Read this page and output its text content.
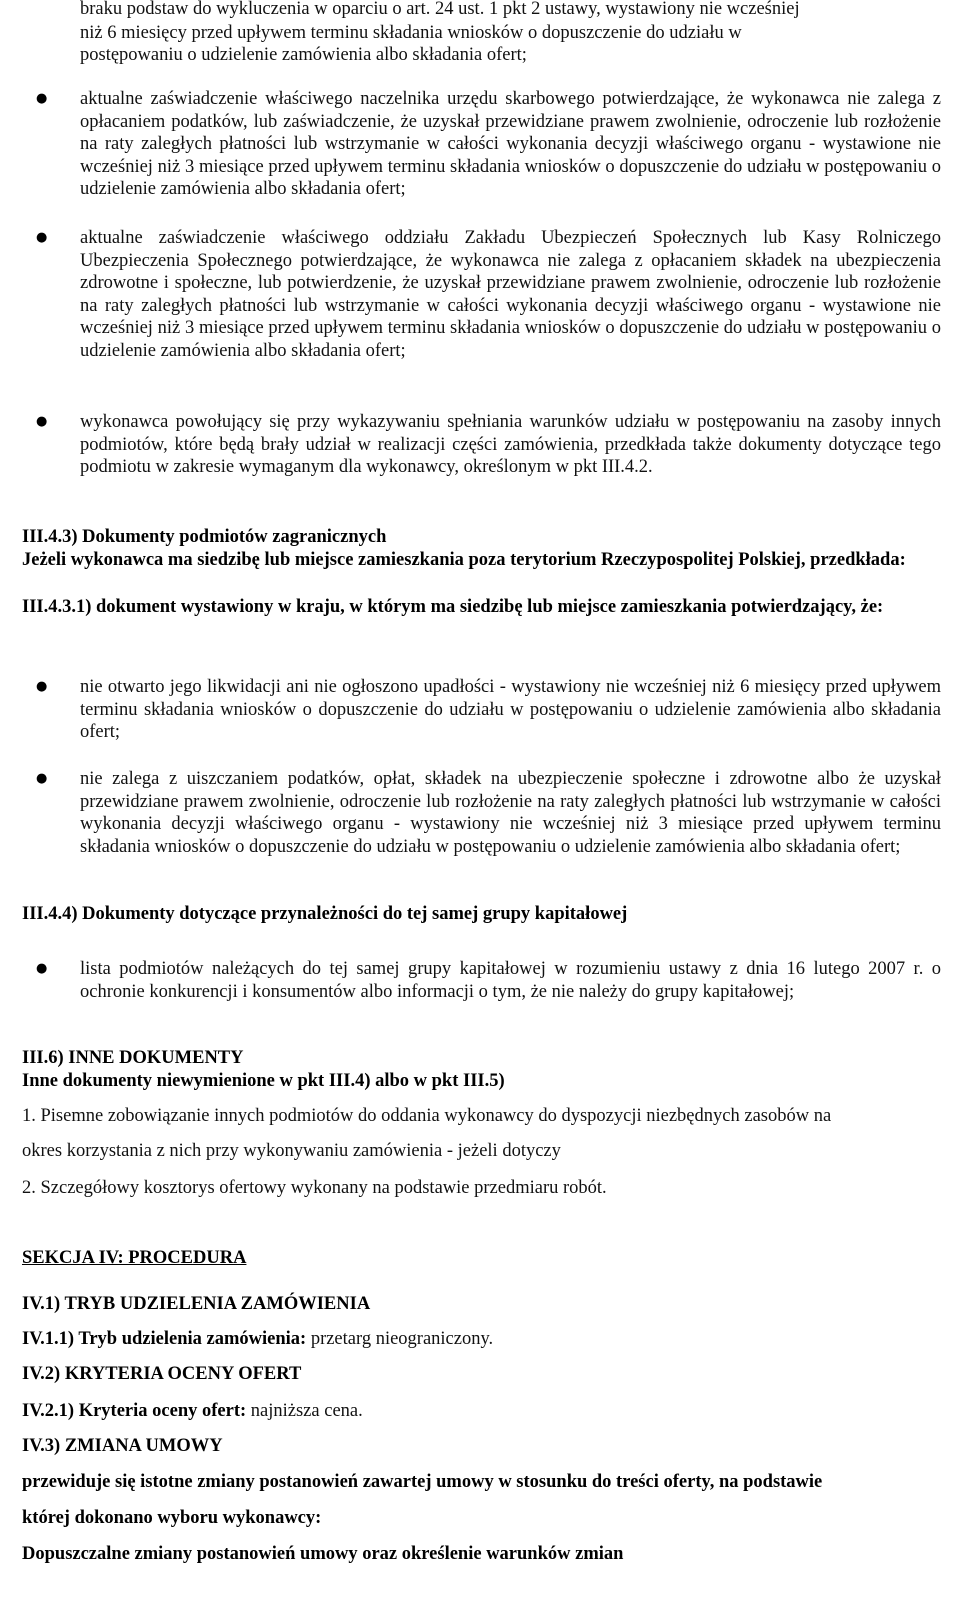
braku podstaw do wykluczenia w oparciu o art. 24 ust. 1 pkt 2 ustawy, wystawiony nie wcześniej

niż 6 miesięcy przed upływem terminu składania wniosków o dopuszczenie do udziału w

postępowaniu o udzielenie zamówienia albo składania ofert;

● aktualne zaświadczenie właściwego naczelnika urzędu skarbowego potwierdzające, że wykonawca nie zalega z opłacaniem podatków, lub zaświadczenie, że uzyskał przewidziane prawem zwolnienie, odroczenie lub rozłożenie na raty zaległych płatności lub wstrzymanie w całości wykonania decyzji właściwego organu - wystawione nie wcześniej niż 3 miesiące przed upływem terminu składania wniosków o dopuszczenie do udziału w postępowaniu o udzielenie zamówienia albo składania ofert;

● aktualne zaświadczenie właściwego oddziału Zakładu Ubezpieczeń Społecznych lub Kasy Rolniczego Ubezpieczenia Społecznego potwierdzające, że wykonawca nie zalega z opłacaniem składek na ubezpieczenia zdrowotne i społeczne, lub potwierdzenie, że uzyskał przewidziane prawem zwolnienie, odroczenie lub rozłożenie na raty zaległych płatności lub wstrzymanie w całości wykonania decyzji właściwego organu - wystawione nie wcześniej niż 3 miesiące przed upływem terminu składania wniosków o dopuszczenie do udziału w postępowaniu o udzielenie zamówienia albo składania ofert;

● wykonawca powołujący się przy wykazywaniu spełniania warunków udziału w postępowaniu na zasoby innych podmiotów, które będą brały udział w realizacji części zamówienia, przedkłada także dokumenty dotyczące tego podmiotu w zakresie wymaganym dla wykonawcy, określonym w pkt III.4.2.

III.4.3) Dokumenty podmiotów zagranicznych

Jeżeli wykonawca ma siedzibę lub miejsce zamieszkania poza terytorium Rzeczypospolitej Polskiej, przedkłada:

III.4.3.1) dokument wystawiony w kraju, w którym ma siedzibę lub miejsce zamieszkania potwierdzający, że:

● nie otwarto jego likwidacji ani nie ogłoszono upadłości - wystawiony nie wcześniej niż 6 miesięcy przed upływem terminu składania wniosków o dopuszczenie do udziału w postępowaniu o udzielenie zamówienia albo składania ofert;

● nie zalega z uiszczaniem podatków, opłat, składek na ubezpieczenie społeczne i zdrowotne albo że uzyskał przewidziane prawem zwolnienie, odroczenie lub rozłożenie na raty zaległych płatności lub wstrzymanie w całości wykonania decyzji właściwego organu - wystawiony nie wcześniej niż 3 miesiące przed upływem terminu składania wniosków o dopuszczenie do udziału w postępowaniu o udzielenie zamówienia albo składania ofert;

III.4.4) Dokumenty dotyczące przynależności do tej samej grupy kapitałowej

● lista podmiotów należących do tej samej grupy kapitałowej w rozumieniu ustawy z dnia 16 lutego 2007 r. o ochronie konkurencji i konsumentów albo informacji o tym, że nie należy do grupy kapitałowej;

III.6) INNE DOKUMENTY

Inne dokumenty niewymienione w pkt III.4) albo w pkt III.5)

1. Pisemne zobowiązanie innych podmiotów do oddania wykonawcy do dyspozycji niezbędnych zasobów na

okres korzystania z nich przy wykonywaniu zamówienia - jeżeli dotyczy

2. Szczegółowy kosztorys ofertowy wykonany na podstawie przedmiaru robót.

SEKCJA IV: PROCEDURA

IV.1) TRYB UDZIELENIA ZAMÓWIENIA

IV.1.1) Tryb udzielenia zamówienia: przetarg nieograniczony.

IV.2) KRYTERIA OCENY OFERT

IV.2.1) Kryteria oceny ofert: najniższa cena.

IV.3) ZMIANA UMOWY

przewiduje się istotne zmiany postanowień zawartej umowy w stosunku do treści oferty, na podstawie

której dokonano wyboru wykonawcy:

Dopuszczalne zmiany postanowień umowy oraz określenie warunków zmian
